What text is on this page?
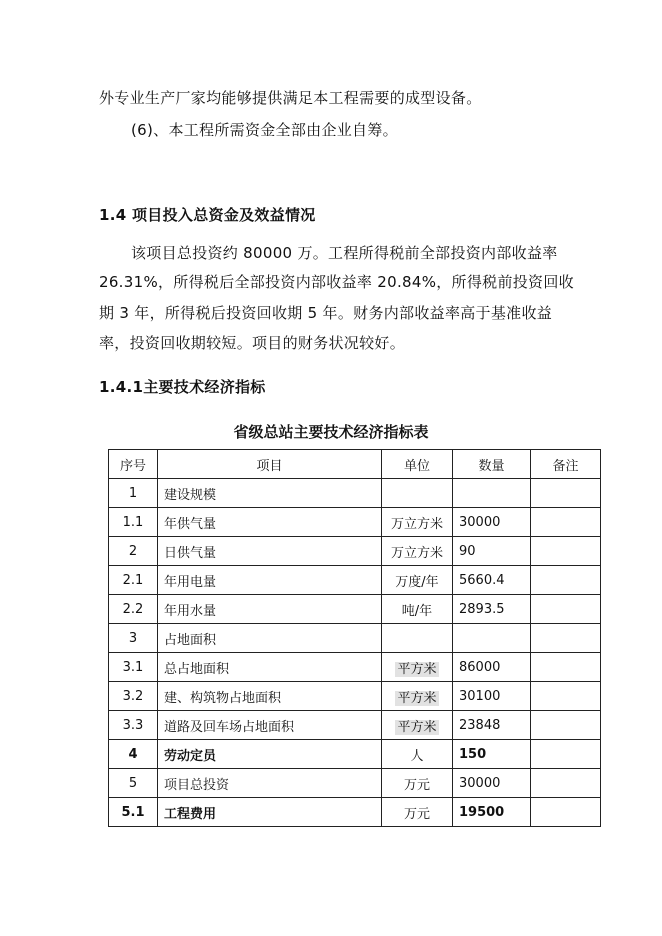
外专业生产厂家均能够提供满足本工程需要的成型设备。
(6)、本工程所需资金全部由企业自筹。
1.4 项目投入总资金及效益情况
该项目总投资约 80000 万。工程所得税前全部投资内部收益率
26.31%，所得税后全部投资内部收益率 20.84%，所得税前投资回收
期 3 年，所得税后投资回收期 5 年。财务内部收益率高于基准收益
率，投资回收期较短。项目的财务状况较好。
1.4.1主要技术经济指标
省级总站主要技术经济指标表
序号	项目	单位	数量	备注
1	建设规模			
1.1	年供气量	万立方米	30000	
2	日供气量	万立方米	90	
2.1	年用电量	万度/年	5660.4	
2.2	年用水量	吨/年	2893.5	
3	占地面积			
3.1	总占地面积	平方米	86000	
3.2	建、构筑物占地面积	平方米	30100	
3.3	道路及回车场占地面积	平方米	23848	
4	劳动定员	人	150	
5	项目总投资	万元	30000	
5.1	工程费用	万元	19500	
